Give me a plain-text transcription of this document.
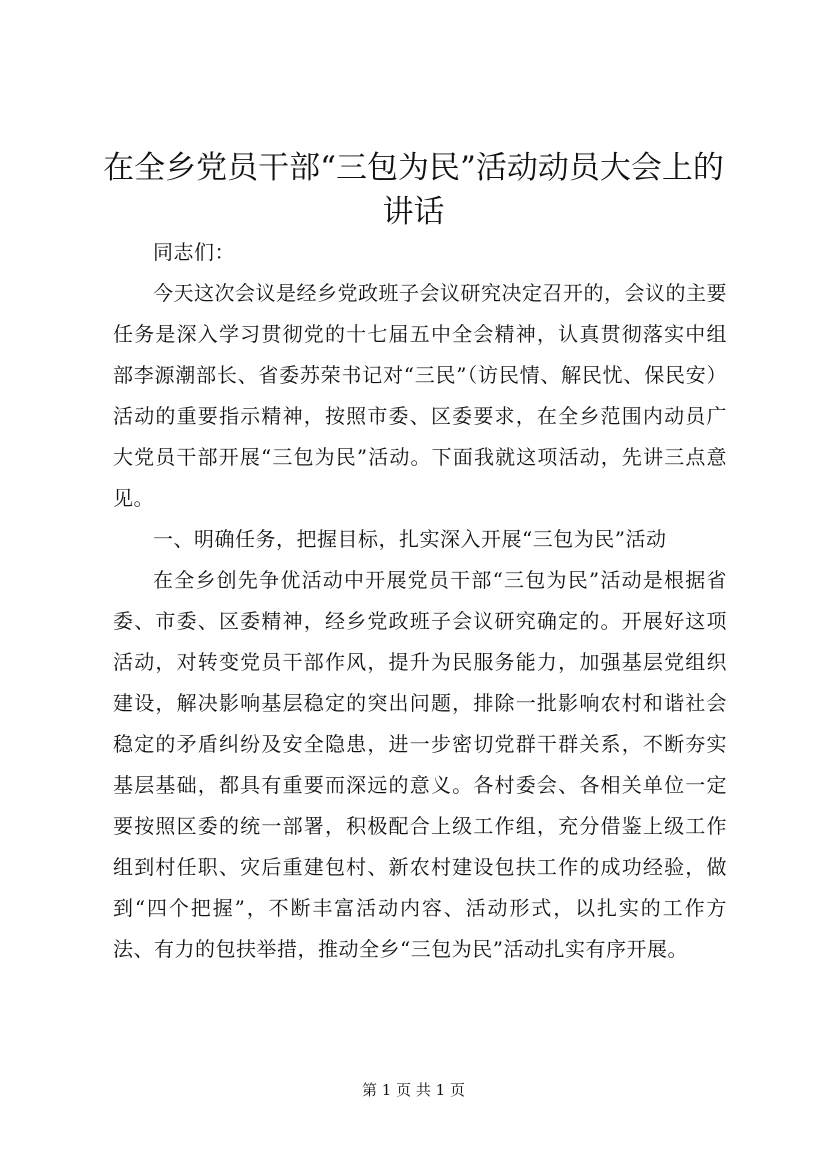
在全乡党员干部“三包为民”活动动员大会上的讲话

同志们：

今天这次会议是经乡党政班子会议研究决定召开的，会议的主要任务是深入学习贯彻党的十七届五中全会精神，认真贯彻落实中组部李源潮部长、省委苏荣书记对“三民”（访民情、解民忧、保民安）活动的重要指示精神，按照市委、区委要求，在全乡范围内动员广大党员干部开展“三包为民”活动。下面我就这项活动，先讲三点意见。

一、明确任务，把握目标，扎实深入开展“三包为民”活动

在全乡创先争优活动中开展党员干部“三包为民”活动是根据省委、市委、区委精神，经乡党政班子会议研究确定的。开展好这项活动，对转变党员干部作风，提升为民服务能力，加强基层党组织建设，解决影响基层稳定的突出问题，排除一批影响农村和谐社会稳定的矛盾纠纷及安全隐患，进一步密切党群干群关系，不断夯实基层基础，都具有重要而深远的意义。各村委会、各相关单位一定要按照区委的统一部署，积极配合上级工作组，充分借鉴上级工作组到村任职、灾后重建包村、新农村建设包扶工作的成功经验，做到“四个把握”，不断丰富活动内容、活动形式，以扎实的工作方法、有力的包扶举措，推动全乡“三包为民”活动扎实有序开展。

第 1 页 共 1 页
